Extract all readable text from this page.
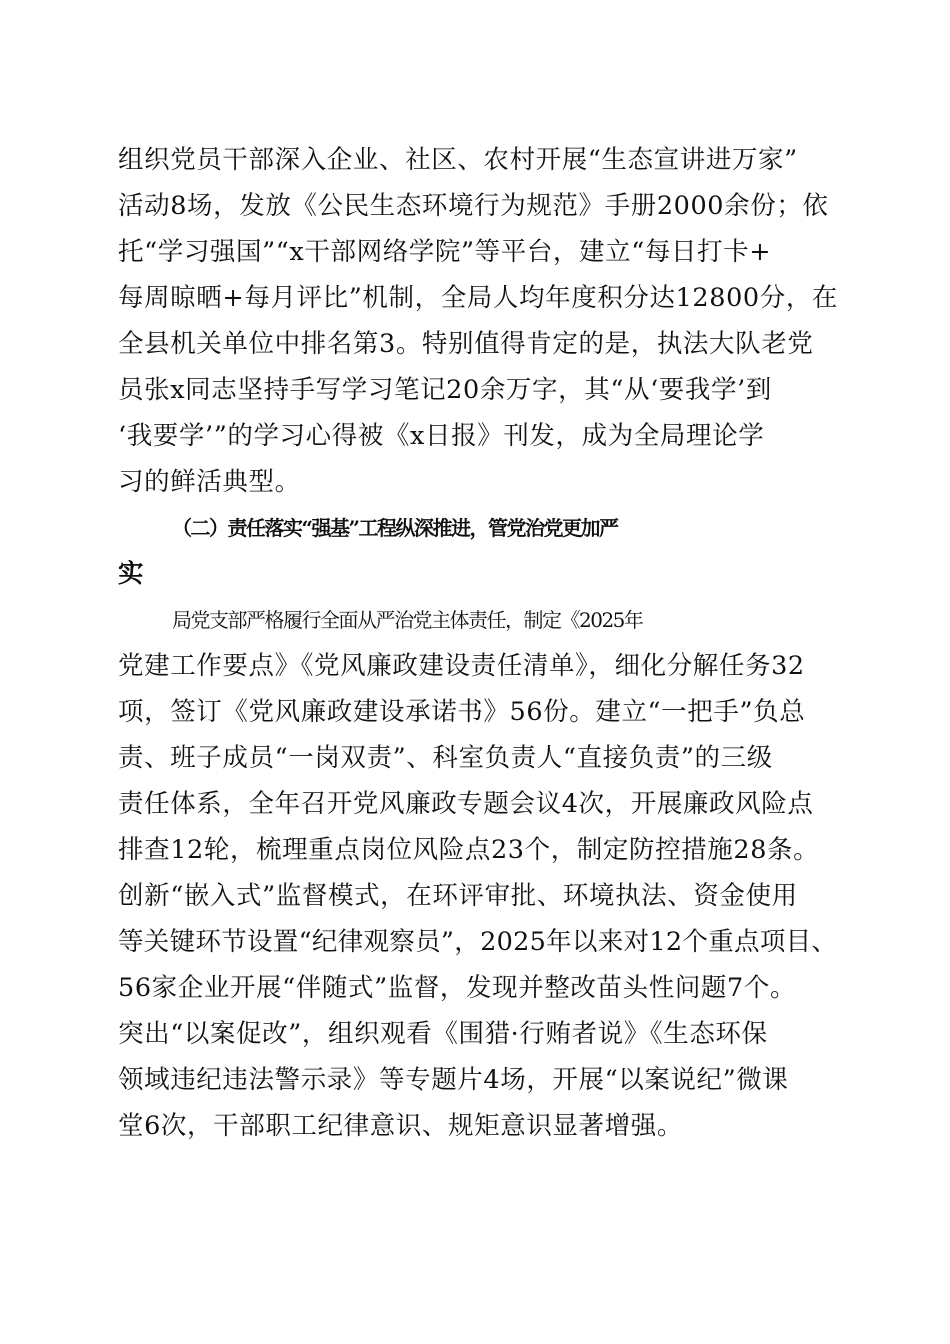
组织党员干部深入企业、社区、农村开展“生态宣讲进万家”
活动8场，发放《公民生态环境行为规范》手册2000余份；依
托“学习强国”“x干部网络学院”等平台，建立“每日打卡+
每周晾晒+每月评比”机制，全局人均年度积分达12800分，在
全县机关单位中排名第3。特别值得肯定的是，执法大队老党
员张x同志坚持手写学习笔记20余万字，其“从‘要我学’到
‘我要学’”的学习心得被《x日报》刊发，成为全局理论学
习的鲜活典型。
（二）责任落实“强基”工程纵深推进，管党治党更加严
实
局党支部严格履行全面从严治党主体责任，制定《2025年
党建工作要点》《党风廉政建设责任清单》，细化分解任务32
项，签订《党风廉政建设承诺书》56份。建立“一把手”负总
责、班子成员“一岗双责”、科室负责人“直接负责”的三级
责任体系，全年召开党风廉政专题会议4次，开展廉政风险点
排查12轮，梳理重点岗位风险点23个，制定防控措施28条。
创新“嵌入式”监督模式，在环评审批、环境执法、资金使用
等关键环节设置“纪律观察员”，2025年以来对12个重点项目、
56家企业开展“伴随式”监督，发现并整改苗头性问题7个。
突出“以案促改”，组织观看《围猎·行贿者说》《生态环保
领域违纪违法警示录》等专题片4场，开展“以案说纪”微课
堂6次，干部职工纪律意识、规矩意识显著增强。
